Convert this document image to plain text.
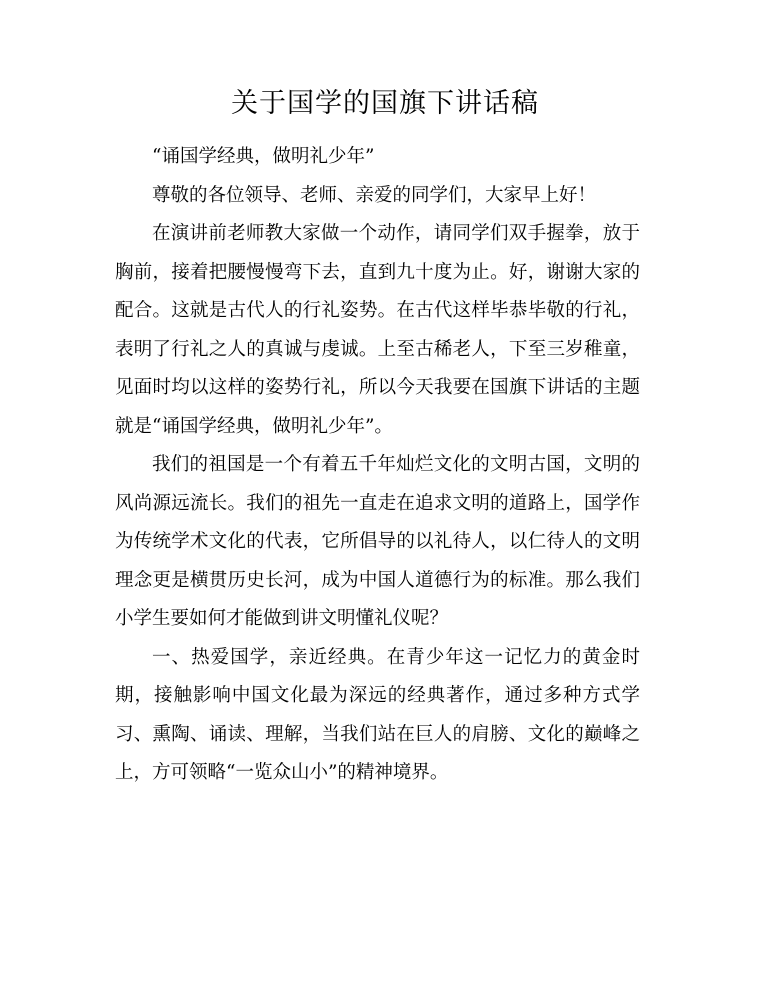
关于国学的国旗下讲话稿

“诵国学经典，做明礼少年”

尊敬的各位领导、老师、亲爱的同学们，大家早上好！

在演讲前老师教大家做一个动作，请同学们双手握拳，放于胸前，接着把腰慢慢弯下去，直到九十度为止。好，谢谢大家的配合。这就是古代人的行礼姿势。在古代这样毕恭毕敬的行礼，表明了行礼之人的真诚与虔诚。上至古稀老人，下至三岁稚童，见面时均以这样的姿势行礼，所以今天我要在国旗下讲话的主题就是“诵国学经典，做明礼少年”。

我们的祖国是一个有着五千年灿烂文化的文明古国，文明的风尚源远流长。我们的祖先一直走在追求文明的道路上，国学作为传统学术文化的代表，它所倡导的以礼待人，以仁待人的文明理念更是横贯历史长河，成为中国人道德行为的标准。那么我们小学生要如何才能做到讲文明懂礼仪呢？

一、热爱国学，亲近经典。在青少年这一记忆力的黄金时期，接触影响中国文化最为深远的经典著作，通过多种方式学习、熏陶、诵读、理解，当我们站在巨人的肩膀、文化的巅峰之上，方可领略“一览众山小”的精神境界。
